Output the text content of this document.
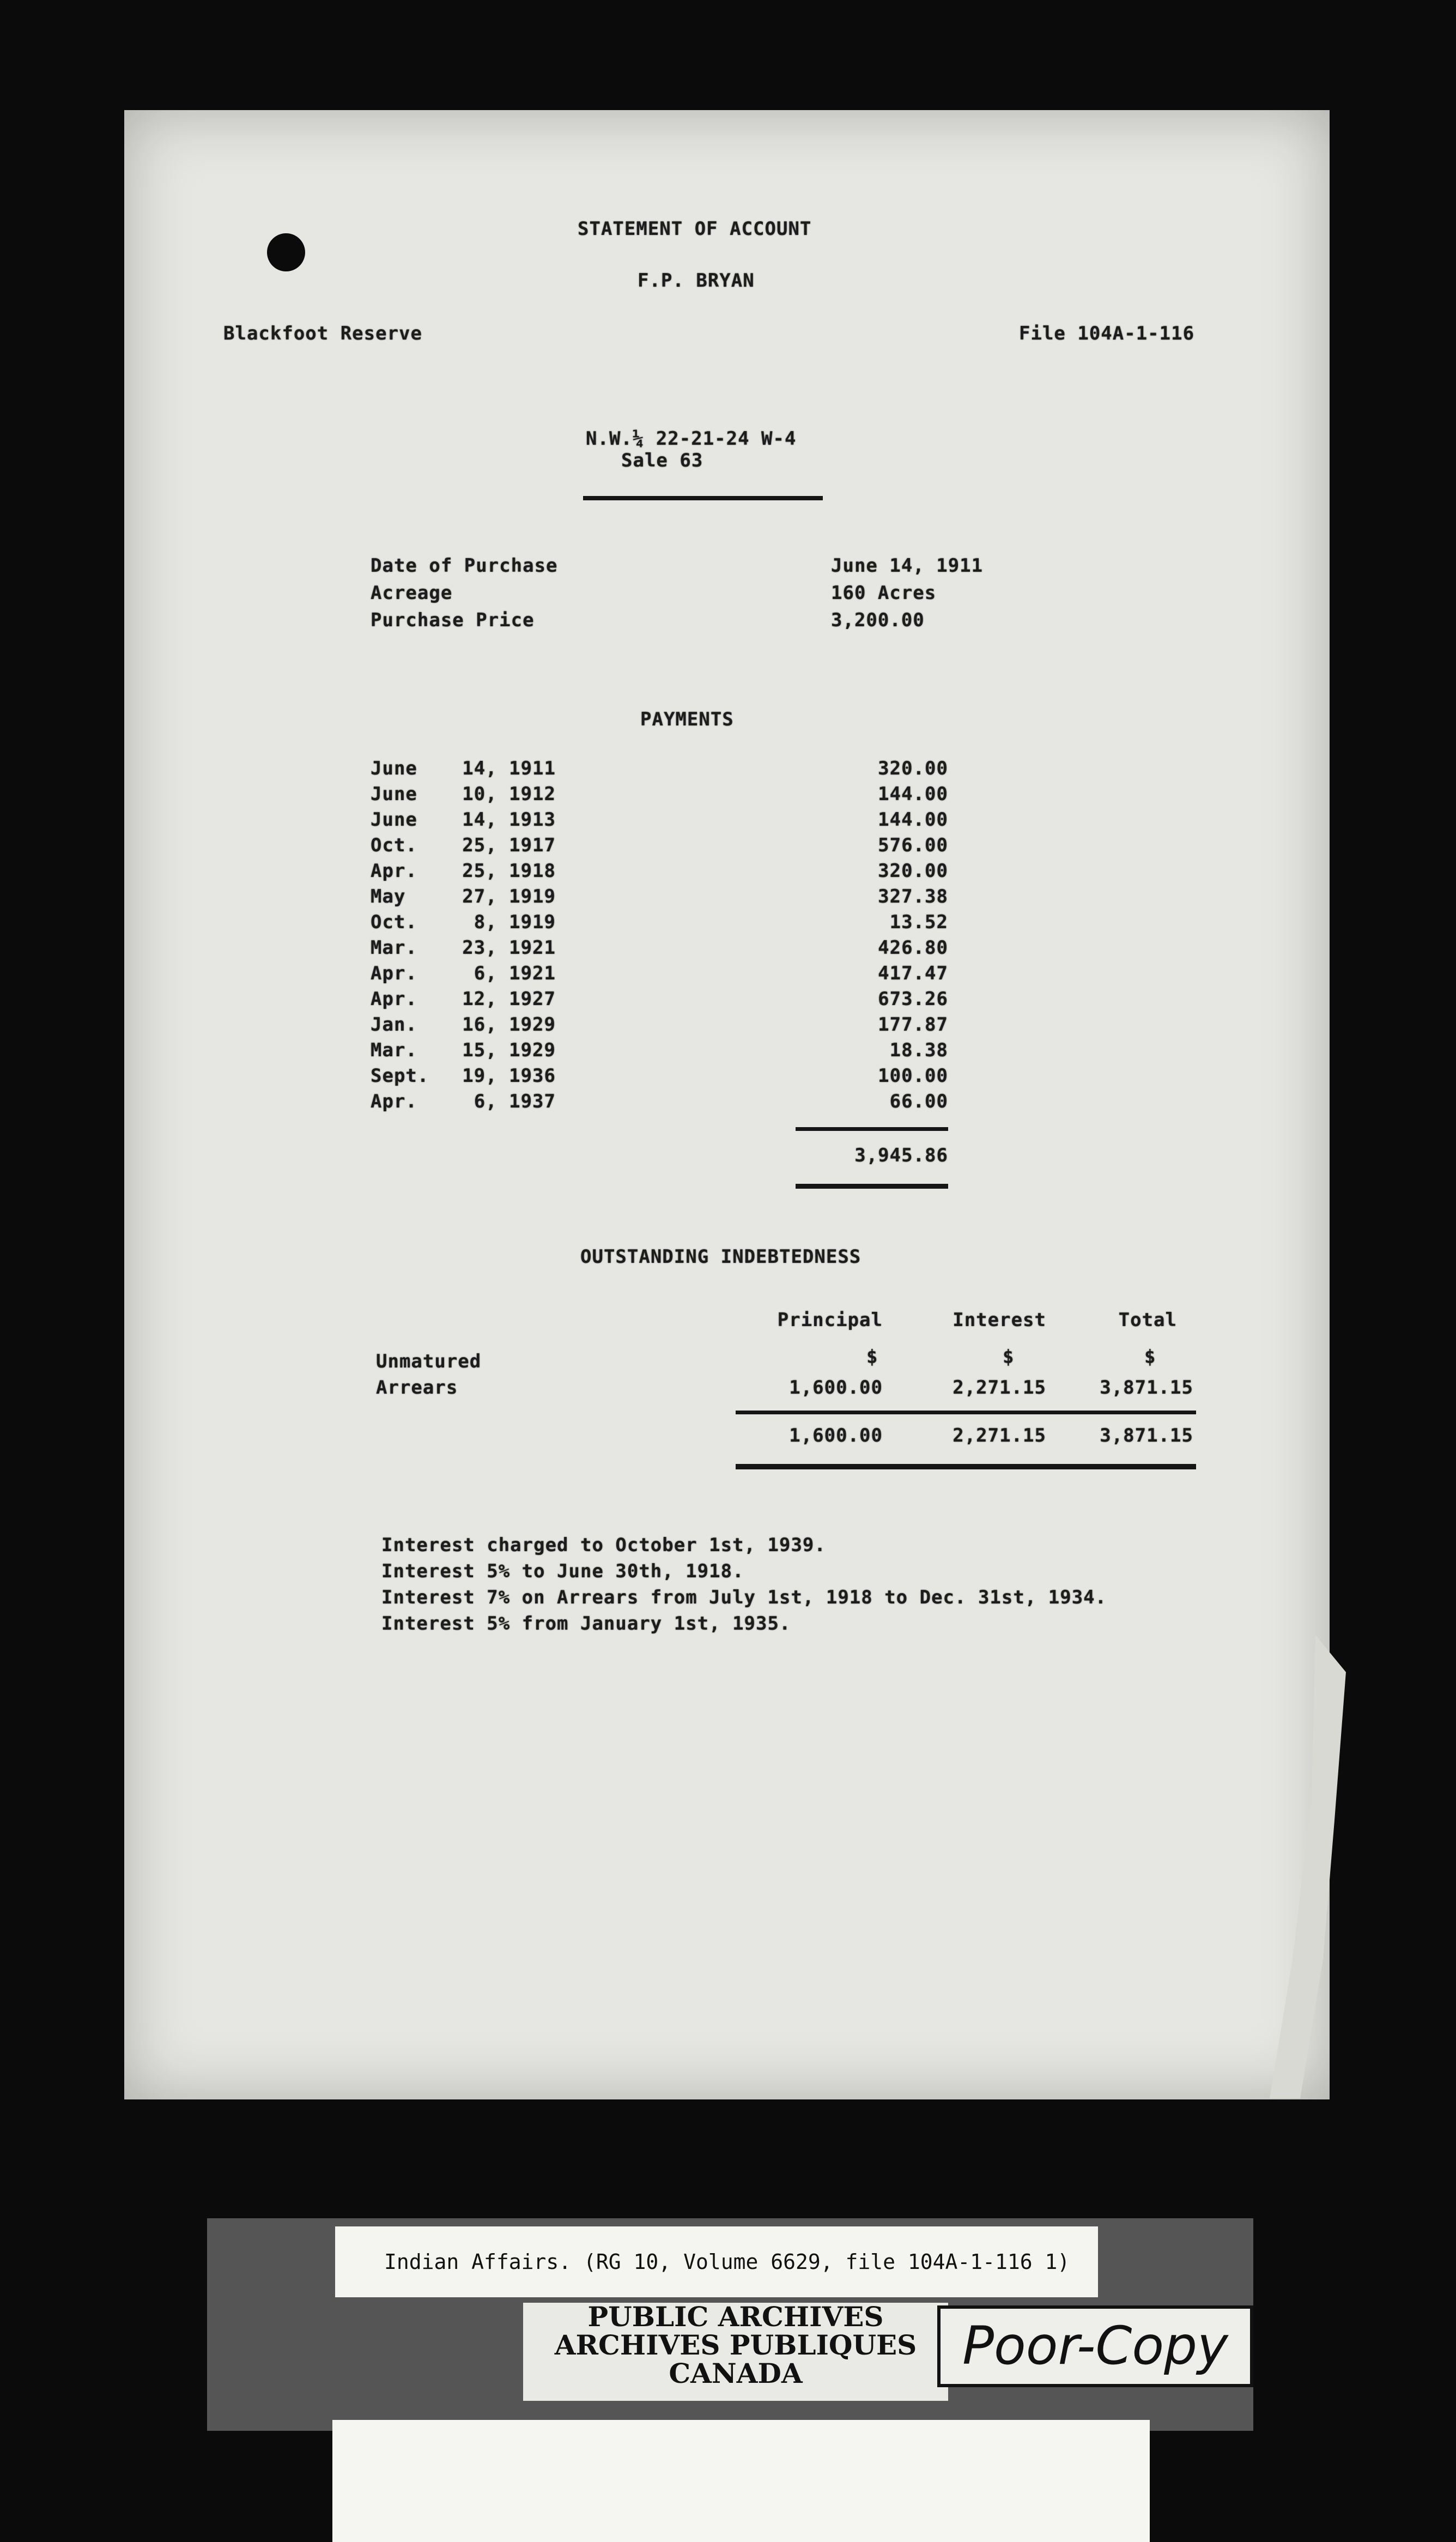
STATEMENT OF ACCOUNT
F.P. BRYAN
Blackfoot Reserve	File 104A-1-116
N.W.¼ 22-21-24 W-4
Sale 63
Date of Purchase	June 14, 1911
Acreage	160 Acres
Purchase Price	3,200.00
PAYMENTS
June	14, 1911	320.00
June	10, 1912	144.00
June	14, 1913	144.00
Oct.	25, 1917	576.00
Apr.	25, 1918	320.00
May	27, 1919	327.38
Oct.	8, 1919	13.52
Mar.	23, 1921	426.80
Apr.	6, 1921	417.47
Apr.	12, 1927	673.26
Jan.	16, 1929	177.87
Mar.	15, 1929	18.38
Sept.	19, 1936	100.00
Apr.	6, 1937	66.00
3,945.86
OUTSTANDING INDEBTEDNESS
Principal	Interest	Total
$	$	$
Unmatured
Arrears	1,600.00	2,271.15	3,871.15
1,600.00	2,271.15	3,871.15
Interest charged to October 1st, 1939.
Interest 5% to June 30th, 1918.
Interest 7% on Arrears from July 1st, 1918 to Dec. 31st, 1934.
Interest 5% from January 1st, 1935.
Indian Affairs. (RG 10, Volume 6629, file 104A-1-116 1)
PUBLIC ARCHIVES
ARCHIVES PUBLIQUES
CANADA	Poor-Copy
